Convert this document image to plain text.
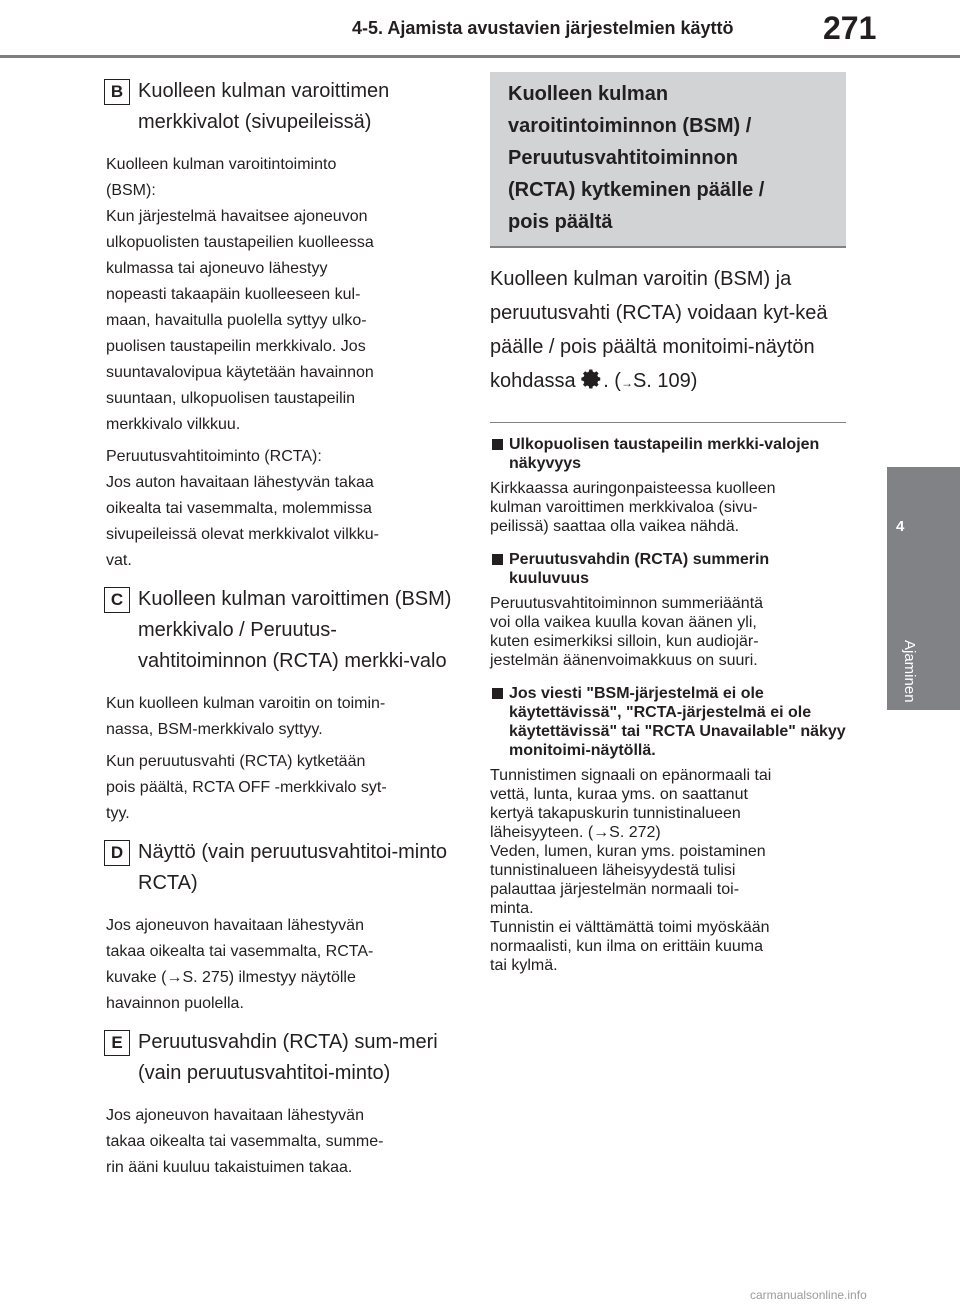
4-5. Ajamista avustavien järjestelmien käyttö	271
4
Ajaminen
B Kuolleen kulman varoittimen merkkivalot (sivupeileissä)

Kuolleen kulman varoitintoiminto
(BSM):
Kun järjestelmä havaitsee ajoneuvon
ulkopuolisten taustapeilien kuolleessa
kulmassa tai ajoneuvo lähestyy
nopeasti takaapäin kuolleeseen kul-
maan, havaitulla puolella syttyy ulko-
puolisen taustapeilin merkkivalo. Jos
suuntavalovipua käytetään havainnon
suuntaan, ulkopuolisen taustapeilin
merkkivalo vilkkuu.

Peruutusvahtitoiminto (RCTA):
Jos auton havaitaan lähestyvän takaa
oikealta tai vasemmalta, molemmissa
sivupeileissä olevat merkkivalot vilkku-
vat.

C Kuolleen kulman varoittimen (BSM) merkkivalo / Peruutus-vahtitoiminnon (RCTA) merkki-valo

Kun kuolleen kulman varoitin on toimin-
nassa, BSM-merkkivalo syttyy.

Kun peruutusvahti (RCTA) kytketään
pois päältä, RCTA OFF -merkkivalo syt-
tyy.

D Näyttö (vain peruutusvahtitoi-minto RCTA)

Jos ajoneuvon havaitaan lähestyvän
takaa oikealta tai vasemmalta, RCTA-
kuvake (→S. 275) ilmestyy näytölle
havainnon puolella.

E Peruutusvahdin (RCTA) sum-meri (vain peruutusvahtitoi-minto)

Jos ajoneuvon havaitaan lähestyvän
takaa oikealta tai vasemmalta, summe-
rin ääni kuuluu takaistuimen takaa.

Kuolleen kulman
varoitintoiminnon (BSM) /
Peruutusvahtitoiminnon
(RCTA) kytkeminen päälle /
pois päältä

Kuolleen kulman varoitin (BSM) ja peruutusvahti (RCTA) voidaan kyt-keä päälle / pois päältä monitoimi-näytön kohdassa . (→S. 109)

Ulkopuolisen taustapeilin merkki-valojen näkyvyys
Kirkkaassa auringonpaisteessa kuolleen
kulman varoittimen merkkivaloa (sivu-
peilissä) saattaa olla vaikea nähdä.
Peruutusvahdin (RCTA) summerin kuuluvuus
Peruutusvahtitoiminnon summeriääntä
voi olla vaikea kuulla kovan äänen yli,
kuten esimerkiksi silloin, kun audiojär-
jestelmän äänenvoimakkuus on suuri.
Jos viesti "BSM-järjestelmä ei ole käytettävissä", "RCTA-järjestelmä ei ole käytettävissä" tai "RCTA Unavailable" näkyy monitoimi-näytöllä.
Tunnistimen signaali on epänormaali tai
vettä, lunta, kuraa yms. on saattanut
kertyä takapuskurin tunnistinalueen
läheisyyteen. (→S. 272)
Veden, lumen, kuran yms. poistaminen
tunnistinalueen läheisyydestä tulisi
palauttaa järjestelmän normaali toi-
minta.
Tunnistin ei välttämättä toimi myöskään
normaalisti, kun ilma on erittäin kuuma
tai kylmä.
carmanualsonline.info
